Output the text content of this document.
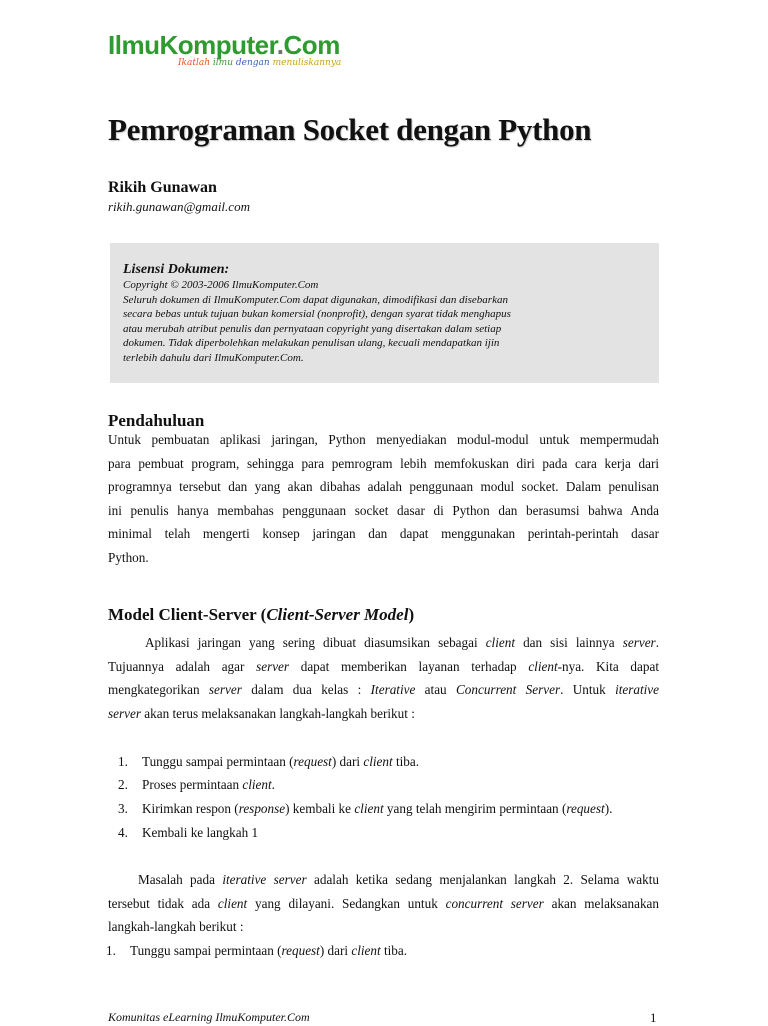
IlmuKomputer.Com
Ikatlah ilmu dengan menuliskannya
Pemrograman Socket dengan Python
Rikih Gunawan
rikih.gunawan@gmail.com
Lisensi Dokumen:
Copyright © 2003-2006 IlmuKomputer.Com
Seluruh dokumen di IlmuKomputer.Com dapat digunakan, dimodifikasi dan disebarkan
secara bebas untuk tujuan bukan komersial (nonprofit), dengan syarat tidak menghapus
atau merubah atribut penulis dan pernyataan copyright yang disertakan dalam setiap
dokumen. Tidak diperbolehkan melakukan penulisan ulang, kecuali mendapatkan ijin
terlebih dahulu dari IlmuKomputer.Com.
Pendahuluan
Untuk pembuatan aplikasi jaringan, Python menyediakan modul-modul untuk mempermudah
para pembuat program, sehingga para pemrogram lebih memfokuskan diri pada cara kerja dari
programnya tersebut dan yang akan dibahas adalah penggunaan modul socket. Dalam penulisan
ini penulis hanya membahas penggunaan socket dasar di Python dan berasumsi bahwa Anda
minimal telah mengerti konsep jaringan dan dapat menggunakan perintah-perintah dasar
Python.
Model Client-Server (Client-Server Model)
Aplikasi jaringan yang sering dibuat diasumsikan sebagai client dan sisi lainnya server.
Tujuannya adalah agar server dapat memberikan layanan terhadap client-nya. Kita dapat
mengkategorikan server dalam dua kelas : Iterative atau Concurrent Server. Untuk iterative
server akan terus melaksanakan langkah-langkah berikut :
1. Tunggu sampai permintaan (request) dari client tiba.
2. Proses permintaan client.
3. Kirimkan respon (response) kembali ke client yang telah mengirim permintaan (request).
4. Kembali ke langkah 1
Masalah pada iterative server adalah ketika sedang menjalankan langkah 2. Selama waktu
tersebut tidak ada client yang dilayani. Sedangkan untuk concurrent server akan melaksanakan
langkah-langkah berikut :
1. Tunggu sampai permintaan (request) dari client tiba.
Komunitas eLearning IlmuKomputer.Com	1
